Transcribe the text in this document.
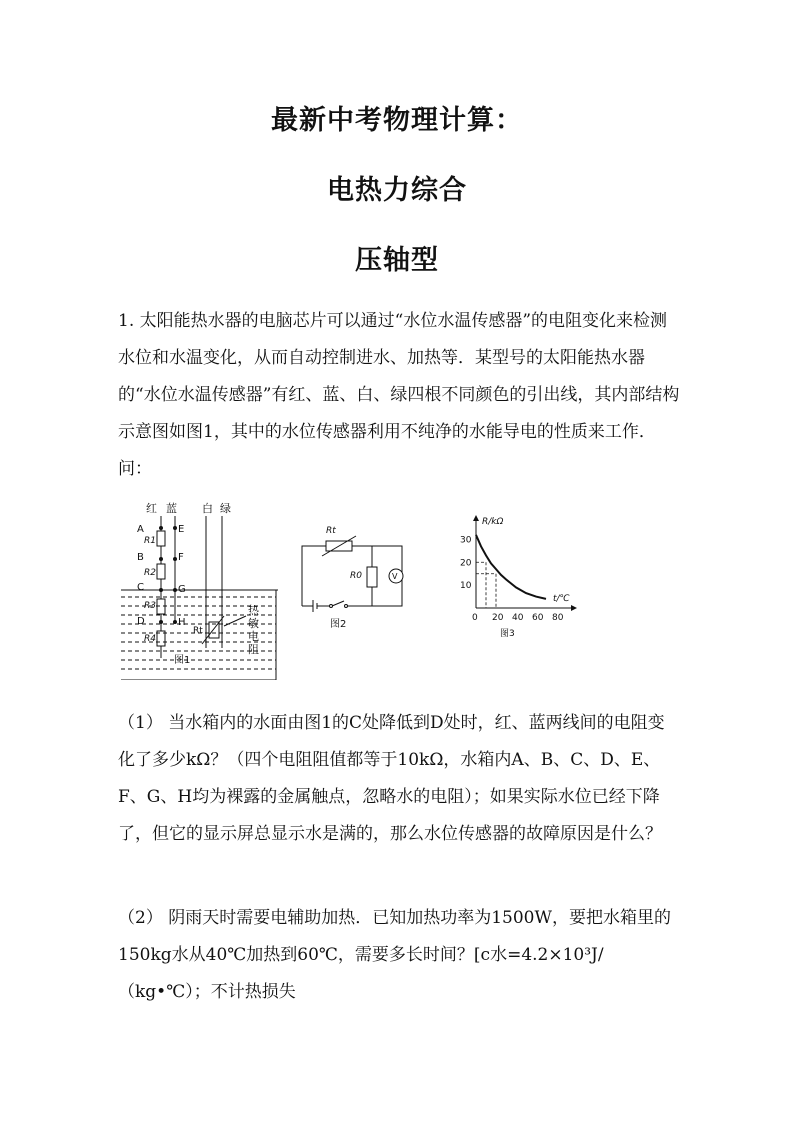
最新中考物理计算：
电热力综合
压轴型
1. 太阳能热水器的电脑芯片可以通过“水位水温传感器”的电阻变化来检测水位和水温变化，从而自动控制进水、加热等．某型号的太阳能热水器的“水位水温传感器”有红、蓝、白、绿四根不同颜色的引出线，其内部结构示意图如图1，其中的水位传感器利用不纯净的水能导电的性质来工作．问：
红 蓝 白 绿
A
B
C
D
E
F
G
H
R1
R2
R3
R4
Rt
热
敏
电
阻
图1
Rt
R0	V
图2
0 20 40 60 80
10
20
30
R/kΩ
t/℃
图3
（1） 当水箱内的水面由图1的C处降低到D处时，红、蓝两线间的电阻变化了多少kΩ？（四个电阻阻值都等于10kΩ，水箱内A、B、C、D、E、F、G、H均为裸露的金属触点，忽略水的电阻）；如果实际水位已经下降了，但它的显示屏总显示水是满的，那么水位传感器的故障原因是什么？
（2） 阴雨天时需要电辅助加热．已知加热功率为1500W，要把水箱里的150kg水从40℃加热到60℃，需要多长时间？[c水=4.2×10³J/（kg•℃）；不计热损失
